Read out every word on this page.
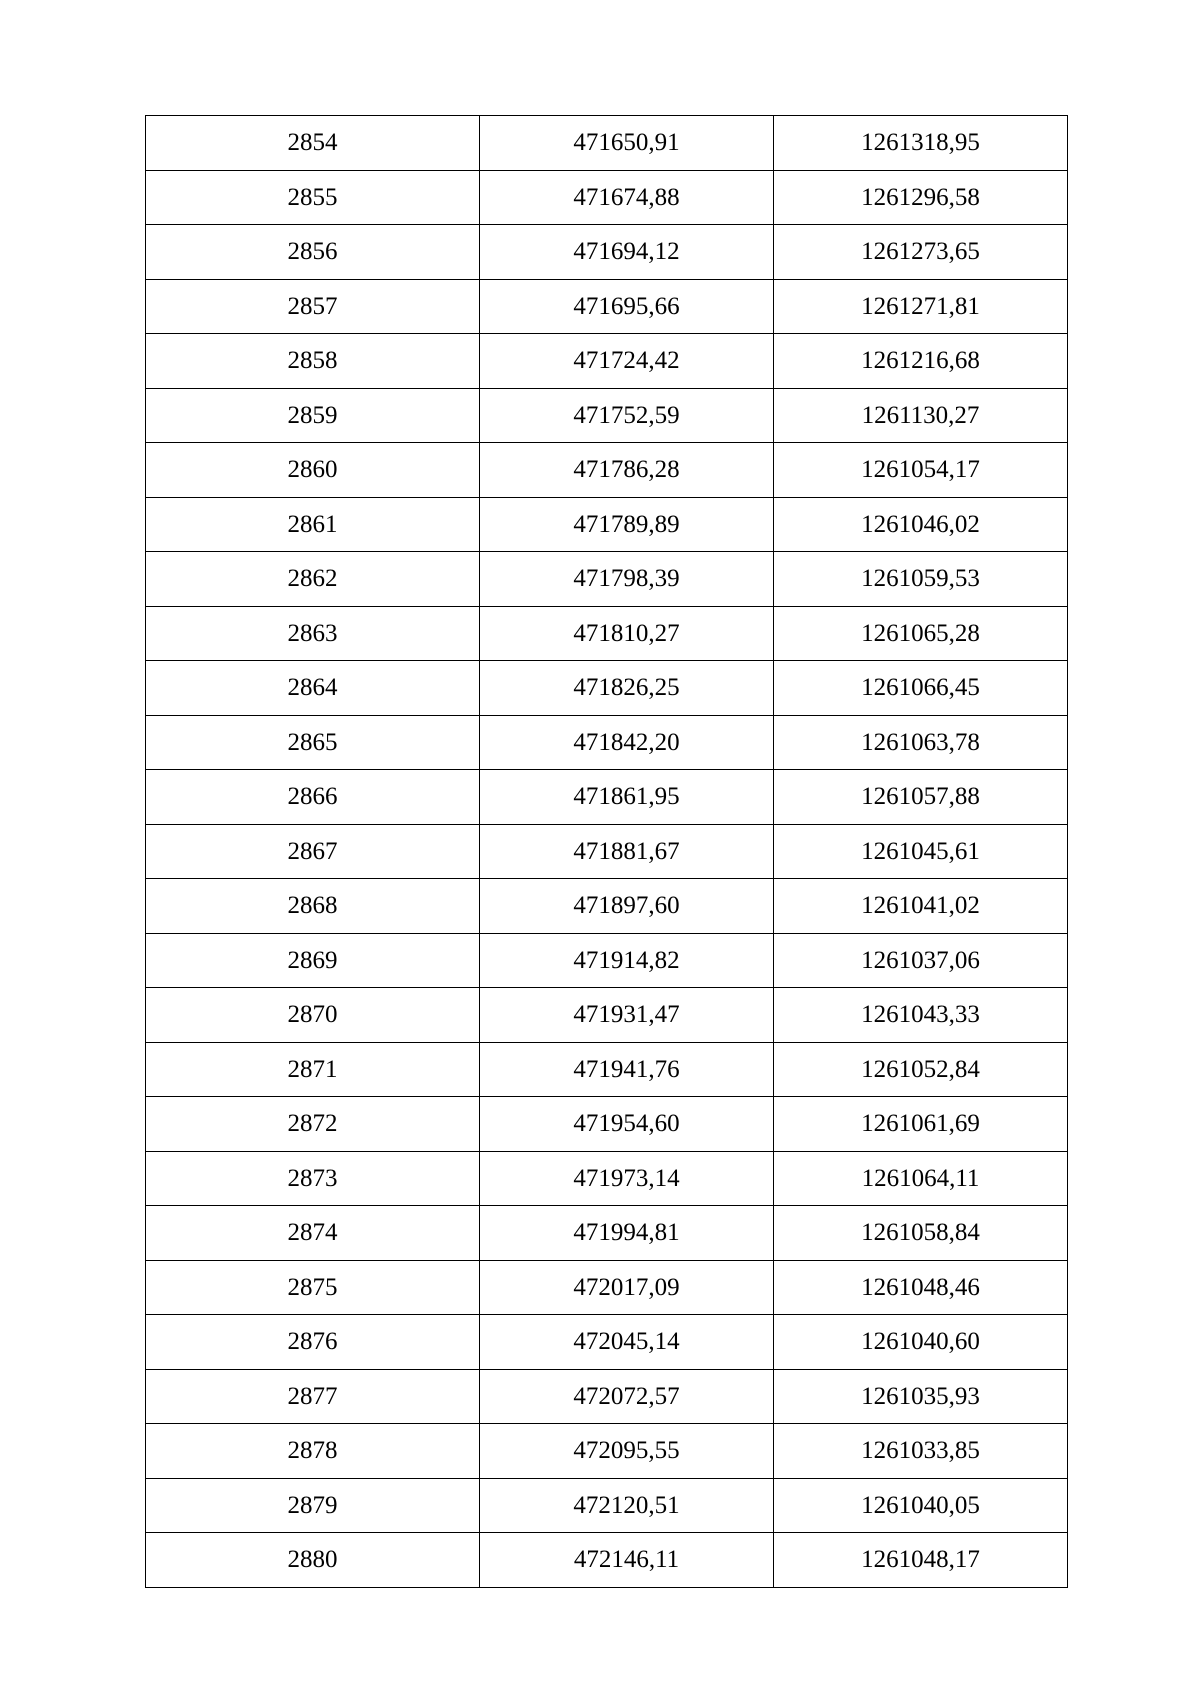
2854	471650,91	1261318,95
2855	471674,88	1261296,58
2856	471694,12	1261273,65
2857	471695,66	1261271,81
2858	471724,42	1261216,68
2859	471752,59	1261130,27
2860	471786,28	1261054,17
2861	471789,89	1261046,02
2862	471798,39	1261059,53
2863	471810,27	1261065,28
2864	471826,25	1261066,45
2865	471842,20	1261063,78
2866	471861,95	1261057,88
2867	471881,67	1261045,61
2868	471897,60	1261041,02
2869	471914,82	1261037,06
2870	471931,47	1261043,33
2871	471941,76	1261052,84
2872	471954,60	1261061,69
2873	471973,14	1261064,11
2874	471994,81	1261058,84
2875	472017,09	1261048,46
2876	472045,14	1261040,60
2877	472072,57	1261035,93
2878	472095,55	1261033,85
2879	472120,51	1261040,05
2880	472146,11	1261048,17
